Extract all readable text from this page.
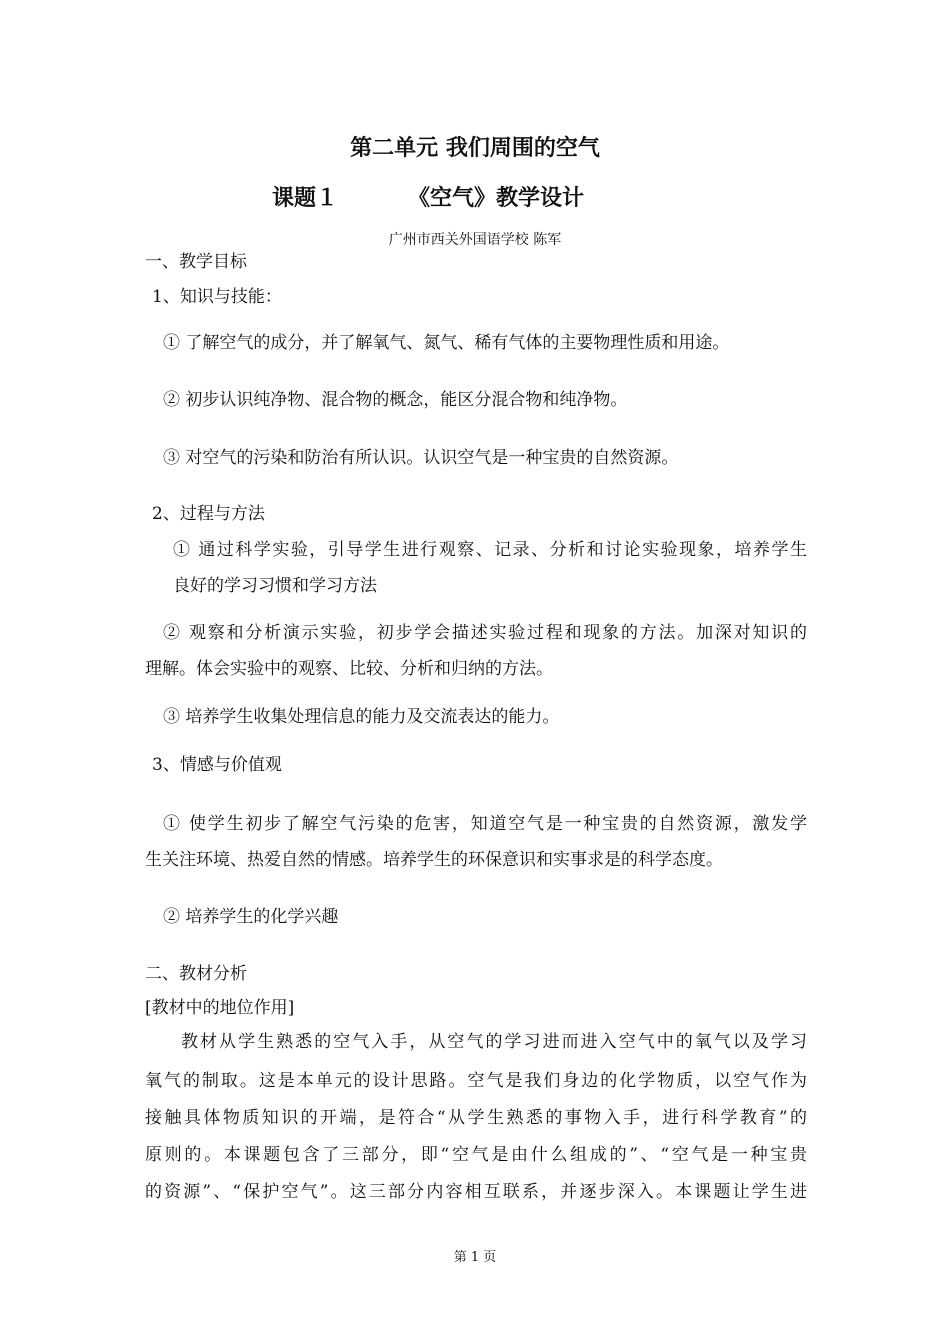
第二单元 我们周围的空气
课题１	《空气》教学设计
广州市西关外国语学校 陈军
一、教学目标
1、知识与技能：
① 了解空气的成分，并了解氧气、氮气、稀有气体的主要物理性质和用途。
② 初步认识纯净物、混合物的概念，能区分混合物和纯净物。
③ 对空气的污染和防治有所认识。认识空气是一种宝贵的自然资源。
2、过程与方法
① 通过科学实验，引导学生进行观察、记录、分析和讨论实验现象，培养学生
良好的学习习惯和学习方法
② 观察和分析演示实验，初步学会描述实验过程和现象的方法。加深对知识的
理解。体会实验中的观察、比较、分析和归纳的方法。
③ 培养学生收集处理信息的能力及交流表达的能力。
3、情感与价值观
① 使学生初步了解空气污染的危害，知道空气是一种宝贵的自然资源，激发学
生关注环境、热爱自然的情感。培养学生的环保意识和实事求是的科学态度。
② 培养学生的化学兴趣
二、教材分析
[教材中的地位作用]
教材从学生熟悉的空气入手，从空气的学习进而进入空气中的氧气以及学习
氧气的制取。这是本单元的设计思路。空气是我们身边的化学物质，以空气作为
接触具体物质知识的开端，是符合“从学生熟悉的事物入手，进行科学教育”的
原则的。本课题包含了三部分，即“空气是由什么组成的”、“空气是一种宝贵
的资源”、“保护空气”。这三部分内容相互联系，并逐步深入。本课题让学生进
第 1 页
